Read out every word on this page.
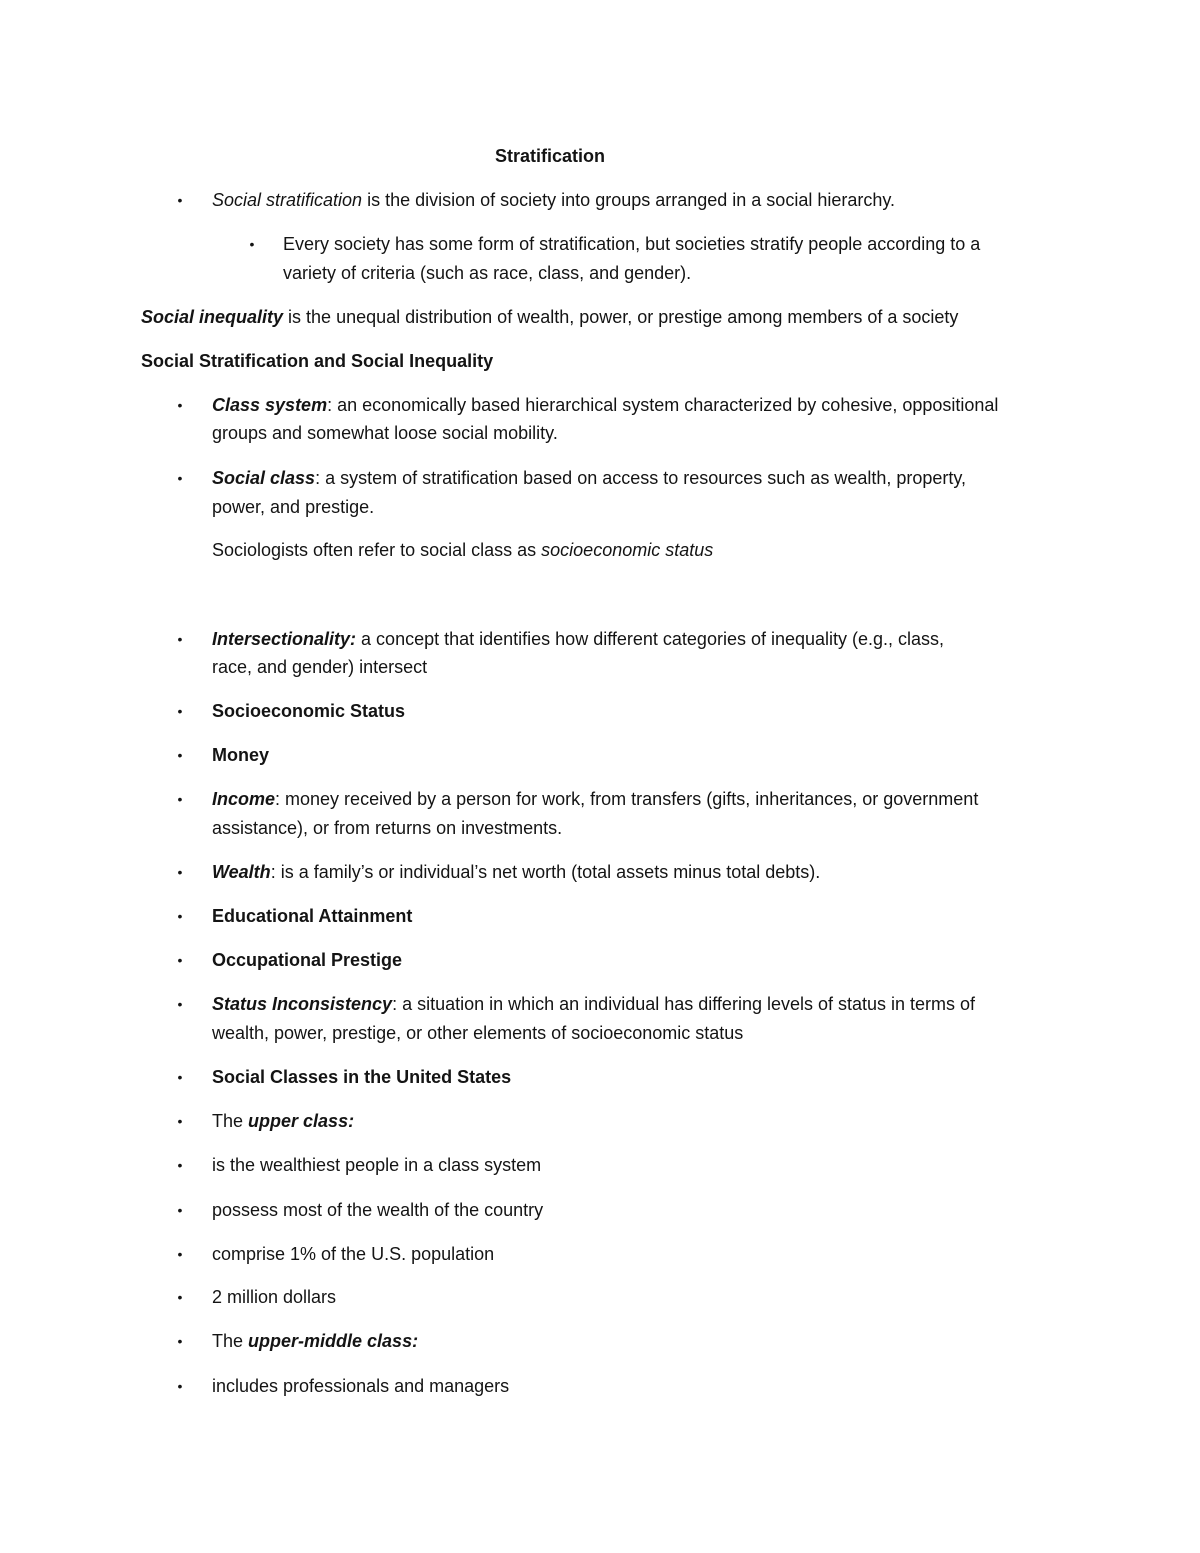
Stratification
•
Social stratification is the division of society into groups arranged in a social hierarchy.
•
Every society has some form of stratification, but societies stratify people according to a
variety of criteria (such as race, class, and gender).
Social inequality is the unequal distribution of wealth, power, or prestige among members of a society
Social Stratification and Social Inequality
•
Class system: an economically based hierarchical system characterized by cohesive, oppositional
groups and somewhat loose social mobility.
•
Social class: a system of stratification based on access to resources such as wealth, property,
power, and prestige.
Sociologists often refer to social class as socioeconomic status
•
Intersectionality: a concept that identifies how different categories of inequality (e.g., class,
race, and gender) intersect
•
Socioeconomic Status
•
Money
•
Income: money received by a person for work, from transfers (gifts, inheritances, or government
assistance), or from returns on investments.
•
Wealth: is a family’s or individual’s net worth (total assets minus total debts).
•
Educational Attainment
•
Occupational Prestige
•
Status Inconsistency: a situation in which an individual has differing levels of status in terms of
wealth, power, prestige, or other elements of socioeconomic status
•
Social Classes in the United States
•
The upper class:
•
is the wealthiest people in a class system
•
possess most of the wealth of the country
•
comprise 1% of the U.S. population
•
2 million dollars
•
The upper-middle class:
•
includes professionals and managers
